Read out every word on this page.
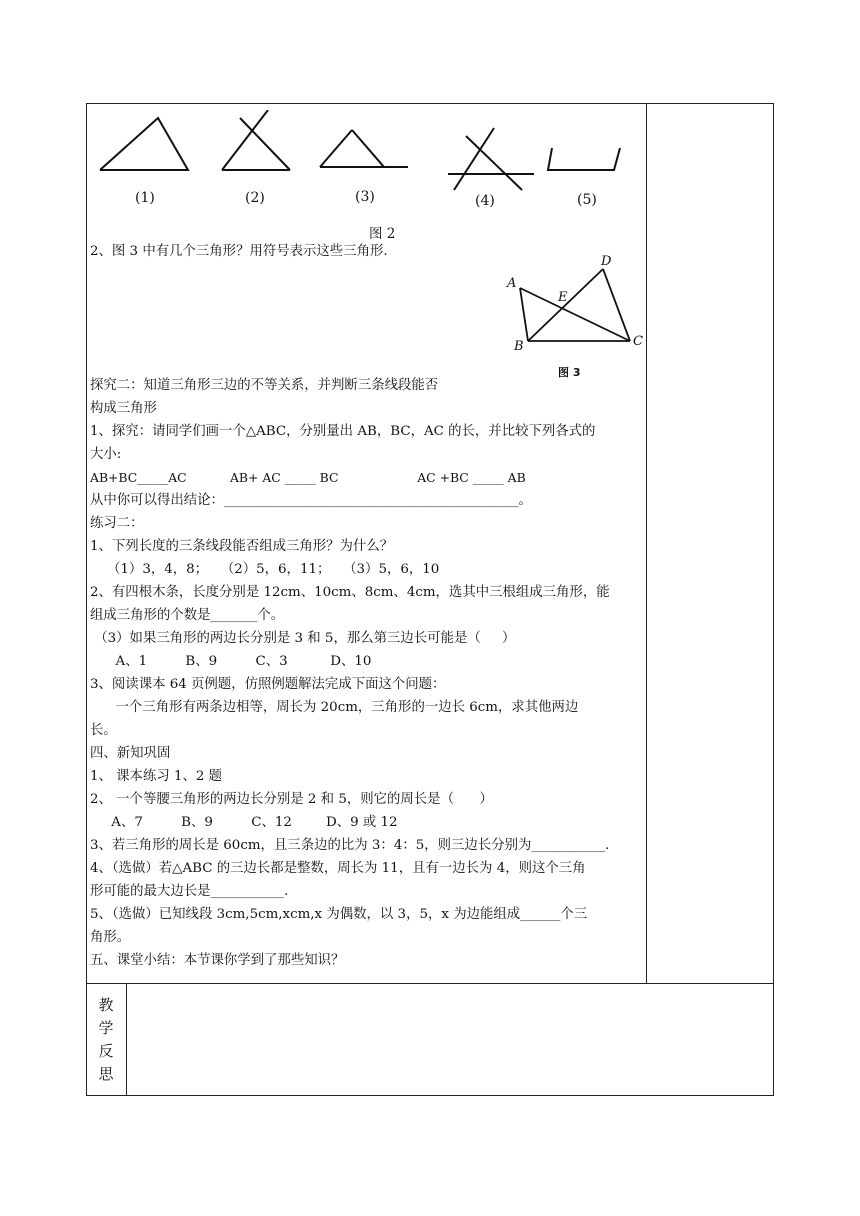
教
学
反
思
(1)	(2)	(3)	(4)	(5)
图 2
A
B	C
D
E
图 3
2、图 3 中有几个三角形？用符号表示这些三角形.
探究二：知道三角形三边的不等关系，并判断三条线段能否
构成三角形
1、探究：请同学们画一个△ABC，分别量出 AB，BC，AC 的长，并比较下列各式的
大小:
AB+BC_____AC           AB+ AC _____ BC                    AC +BC _____ AB
从中你可以得出结论：____________________________________________。
练习二：
1、下列长度的三条线段能否组成三角形？为什么？
（1）3，4，8；   （2）5，6，11；   （3）5，6，10
2、有四根木条，长度分别是 12cm、10cm、8cm、4cm，选其中三根组成三角形，能
组成三角形的个数是_______个。
（3）如果三角形的两边长分别是 3 和 5，那么第三边长可能是（     ）
A、1         B、9         C、3          D、10
3、阅读课本 64 页例题，仿照例题解法完成下面这个问题：
一个三角形有两条边相等，周长为 20cm，三角形的一边长 6cm，求其他两边
长。
四、新知巩固
1、 课本练习 1、2 题
2、 一个等腰三角形的两边长分别是 2 和 5，则它的周长是（      ）
A、7         B、9         C、12        D、9 或 12
3、若三角形的周长是 60cm，且三条边的比为 3：4：5，则三边长分别为___________.
4、（选做）若△ABC 的三边长都是整数，周长为 11，且有一边长为 4，则这个三角
形可能的最大边长是___________.
5、（选做）已知线段 3cm,5cm,xcm,x 为偶数，以 3，5，x 为边能组成______个三
角形。
五、课堂小结：本节课你学到了那些知识？
